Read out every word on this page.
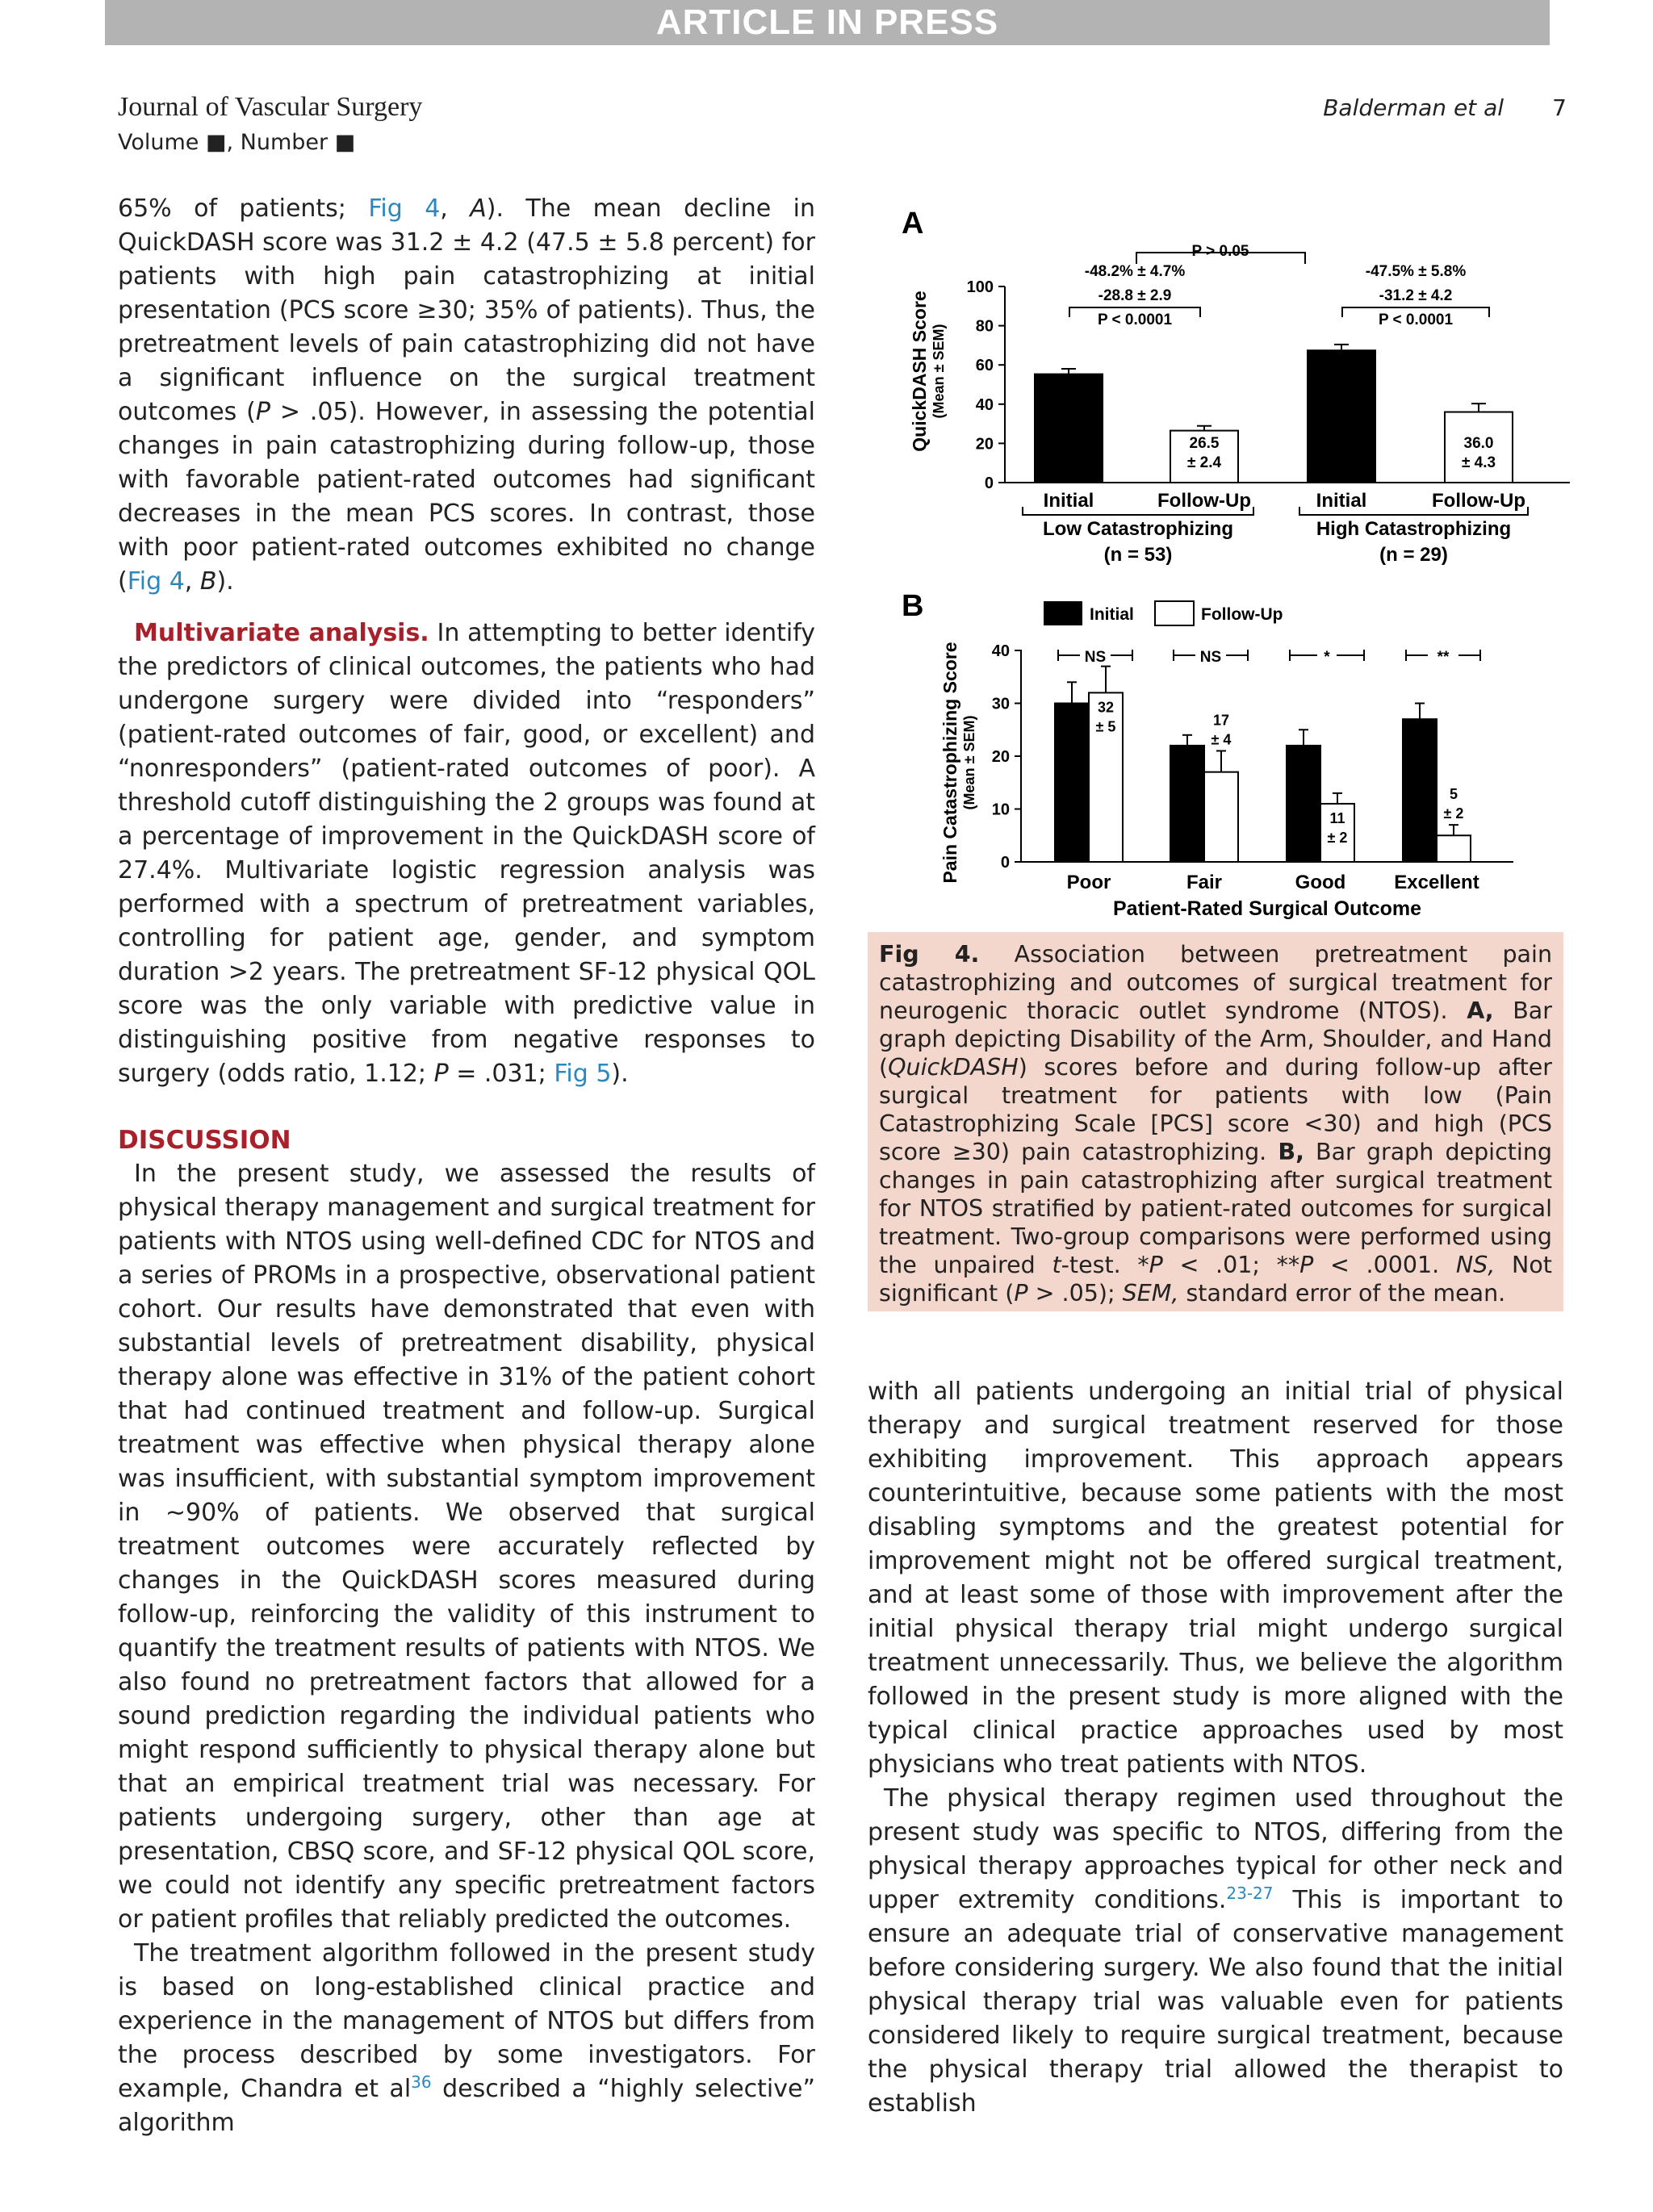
ARTICLE IN PRESS
Journal of Vascular Surgery
Volume ■, Number ■
Balderman et al 7

65% of patients; Fig 4, A). The mean decline in QuickDASH score was 31.2 ± 4.2 (47.5 ± 5.8 percent) for patients with high pain catastrophizing at initial presentation (PCS score ≥30; 35% of patients). Thus, the pretreatment levels of pain catastrophizing did not have a significant influence on the surgical treatment outcomes (P > .05). However, in assessing the potential changes in pain catastrophizing during follow-up, those with favorable patient-rated outcomes had significant decreases in the mean PCS scores. In contrast, those with poor patient-rated outcomes exhibited no change (Fig 4, B).

Multivariate analysis. In attempting to better identify the predictors of clinical outcomes, the patients who had undergone surgery were divided into “responders” (patient-rated outcomes of fair, good, or excellent) and “nonresponders” (patient-rated outcomes of poor). A threshold cutoff distinguishing the 2 groups was found at a percentage of improvement in the QuickDASH score of 27.4%. Multivariate logistic regression analysis was performed with a spectrum of pretreatment variables, controlling for patient age, gender, and symptom duration >2 years. The pretreatment SF-12 physical QOL score was the only variable with predictive value in distinguishing positive from negative responses to surgery (odds ratio, 1.12; P = .031; Fig 5).

DISCUSSION

In the present study, we assessed the results of physical therapy management and surgical treatment for patients with NTOS using well-defined CDC for NTOS and a series of PROMs in a prospective, observational patient cohort. Our results have demonstrated that even with substantial levels of pretreatment disability, physical therapy alone was effective in 31% of the patient cohort that had continued treatment and follow-up. Surgical treatment was effective when physical therapy alone was insufficient, with substantial symptom improvement in ∼90% of patients. We observed that surgical treatment outcomes were accurately reflected by changes in the QuickDASH scores measured during follow-up, reinforcing the validity of this instrument to quantify the treatment results of patients with NTOS. We also found no pretreatment factors that allowed for a sound prediction regarding the individual patients who might respond sufficiently to physical therapy alone but that an empirical treatment trial was necessary. For patients undergoing surgery, other than age at presentation, CBSQ score, and SF-12 physical QOL score, we could not identify any specific pretreatment factors or patient profiles that reliably predicted the outcomes.

The treatment algorithm followed in the present study is based on long-established clinical practice and experience in the management of NTOS but differs from the process described by some investigators. For example, Chandra et $al^{36}$ described a “highly selective” algorithm

A
QuickDASH Score (Mean ± SEM)
0
20
40
60
80
100
55.3
± 2.7
Initial
26.5
± 2.4
Follow-Up
67.4
± 3.0
Initial
36.0
± 4.3
Follow-Up
Low Catastrophizing
(n = 53)
High Catastrophizing
(n = 29)
P > 0.05
-48.2% ± 4.7%
-28.8 ± 2.9
P < 0.0001
-47.5% ± 5.8%
-31.2 ± 4.2
P < 0.0001
B
Pain Catastrophizing Score (Mean ± SEM)
Patient-Rated Surgical Outcome
Initial	Follow-Up
0
10
20
30
40
30
± 4
32
± 5
Poor
NS
22
± 2
17
± 4
Fair
NS
22
± 3
11
± 2
Good
*
27
± 3
5
± 2
Excellent
**
Fig 4. Association between pretreatment pain catastrophizing and outcomes of surgical treatment for neurogenic thoracic outlet syndrome (NTOS). A, Bar graph depicting Disability of the Arm, Shoulder, and Hand (QuickDASH) scores before and during follow-up after surgical treatment for patients with low (Pain Catastrophizing Scale [PCS] score <30) and high (PCS score ≥30) pain catastrophizing. B, Bar graph depicting changes in pain catastrophizing after surgical treatment for NTOS stratified by patient-rated outcomes for surgical treatment. Two-group comparisons were performed using the unpaired t-test. *P < .01; **P < .0001. NS, Not significant (P > .05); SEM, standard error of the mean.

with all patients undergoing an initial trial of physical therapy and surgical treatment reserved for those exhibiting improvement. This approach appears counterintuitive, because some patients with the most disabling symptoms and the greatest potential for improvement might not be offered surgical treatment, and at least some of those with improvement after the initial physical therapy trial might undergo surgical treatment unnecessarily. Thus, we believe the algorithm followed in the present study is more aligned with the typical clinical practice approaches used by most physicians who treat patients with NTOS.

The physical therapy regimen used throughout the present study was specific to NTOS, differing from the physical therapy approaches typical for other neck and upper extremity conditions.$^{23-27}$ This is important to ensure an adequate trial of conservative management before considering surgery. We also found that the initial physical therapy trial was valuable even for patients considered likely to require surgical treatment, because the physical therapy trial allowed the therapist to establish
